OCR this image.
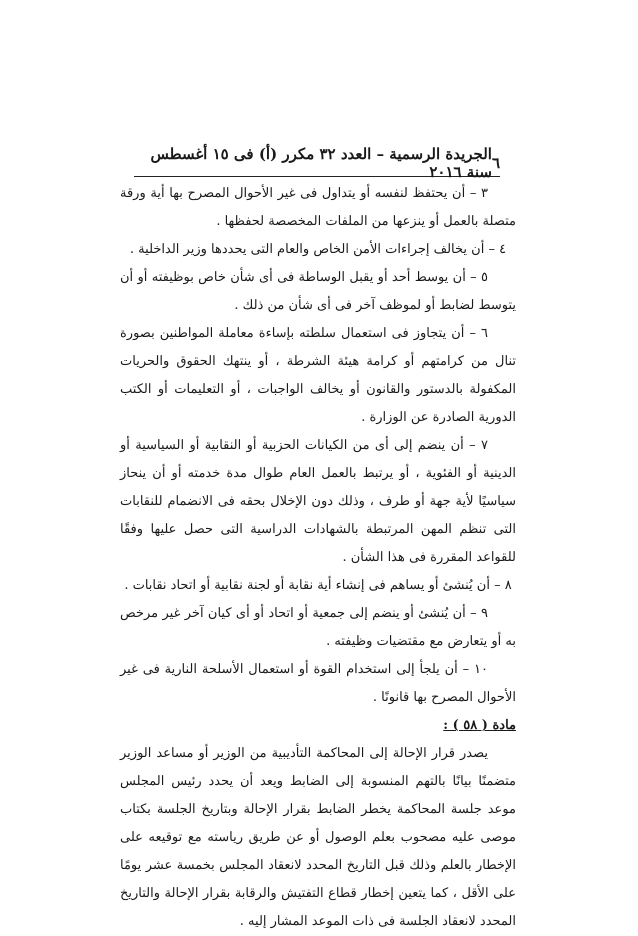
٦
الجريدة الرسمية – العدد ٣٢ مكرر (أ) فى ١٥ أغسطس سنة ٢٠١٦

٣ – أن يحتفظ لنفسه أو يتداول فى غير الأحوال المصرح بها أية ورقة متصلة بالعمل أو ينزعها من الملفات المخصصة لحفظها .

٤ – أن يخالف إجراءات الأمن الخاص والعام التى يحددها وزير الداخلية .

٥ – أن يوسط أحد أو يقبل الوساطة فى أى شأن خاص بوظيفته أو أن يتوسط لضابط أو لموظف آخر فى أى شأن من ذلك .

٦ – أن يتجاوز فى استعمال سلطته بإساءة معاملة المواطنين بصورة تنال من كرامتهم أو كرامة هيئة الشرطة ، أو ينتهك الحقوق والحريات المكفولة بالدستور والقانون أو يخالف الواجبات ، أو التعليمات أو الكتب الدورية الصادرة عن الوزارة .

٧ – أن ينضم إلى أى من الكيانات الحزبية أو النقابية أو السياسية أو الدينية أو الفئوية ، أو يرتبط بالعمل العام طوال مدة خدمته أو أن ينحاز سياسيًا لأية جهة أو طرف ، وذلك دون الإخلال بحقه فى الانضمام للنقابات التى تنظم المهن المرتبطة بالشهادات الدراسية التى حصل عليها وفقًا للقواعد المقررة فى هذا الشأن .

٨ – أن يُنشئ أو يساهم فى إنشاء أية نقابة أو لجنة نقابية أو اتحاد نقابات .

٩ – أن يُنشئ أو ينضم إلى جمعية أو اتحاد أو أى كيان آخر غير مرخص به أو يتعارض مع مقتضيات وظيفته .

١٠ – أن يلجأ إلى استخدام القوة أو استعمال الأسلحة النارية فى غير الأحوال المصرح بها قانونًا .

مادة ( ٥٨ ) :

يصدر قرار الإحالة إلى المحاكمة التأديبية من الوزير أو مساعد الوزير متضمنًا بيانًا بالتهم المنسوبة إلى الضابط ويعد أن يحدد رئيس المجلس موعد جلسة المحاكمة يخطر الضابط بقرار الإحالة وبتاريخ الجلسة بكتاب موصى عليه مصحوب بعلم الوصول أو عن طريق رياسته مع توقيعه على الإخطار بالعلم وذلك قبل التاريخ المحدد لانعقاد المجلس بخمسة عشر يومًا على الأقل ، كما يتعين إخطار قطاع التفتيش والرقابة بقرار الإحالة والتاريخ المحدد لانعقاد الجلسة فى ذات الموعد المشار إليه .
